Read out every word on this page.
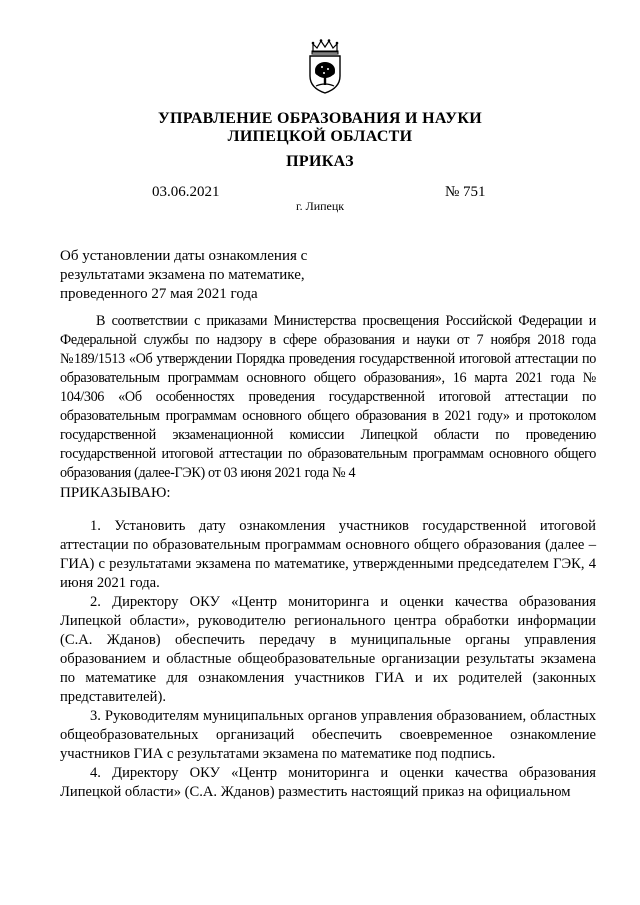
УПРАВЛЕНИЕ ОБРАЗОВАНИЯ И НАУКИ
ЛИПЕЦКОЙ ОБЛАСТИ
ПРИКАЗ
03.06.2021	№ 751
г. Липецк
Об установлении даты ознакомления с
результатами экзамена по математике,
проведенного 27 мая 2021 года
В соответствии с приказами Министерства просвещения Российской Федерации и Федеральной службы по надзору в сфере образования и науки от 7 ноября 2018 года №189/1513 «Об утверждении Порядка проведения государственной итоговой аттестации по образовательным программам основного общего образования», 16 марта 2021 года № 104/306 «Об особенностях проведения государственной итоговой аттестации по образовательным программам основного общего образования в 2021 году» и протоколом государственной экзаменационной комиссии Липецкой области по проведению государственной итоговой аттестации по образовательным программам основного общего образования (далее-ГЭК) от 03 июня 2021 года № 4
ПРИКАЗЫВАЮ:

1. Установить дату ознакомления участников государственной итоговой аттестации по образовательным программам основного общего образования (далее – ГИА) с результатами экзамена по математике, утвержденными председателем ГЭК, 4 июня 2021 года.

2. Директору ОКУ «Центр мониторинга и оценки качества образования Липецкой области», руководителю регионального центра обработки информации (С.А. Жданов) обеспечить передачу в муниципальные органы управления образованием и областные общеобразовательные организации результаты экзамена по математике для ознакомления участников ГИА и их родителей (законных представителей).

3. Руководителям муниципальных органов управления образованием, областных общеобразовательных организаций обеспечить своевременное ознакомление участников ГИА с результатами экзамена по математике под подпись.

4. Директору ОКУ «Центр мониторинга и оценки качества образования Липецкой области» (С.А. Жданов) разместить настоящий приказ на официальном
